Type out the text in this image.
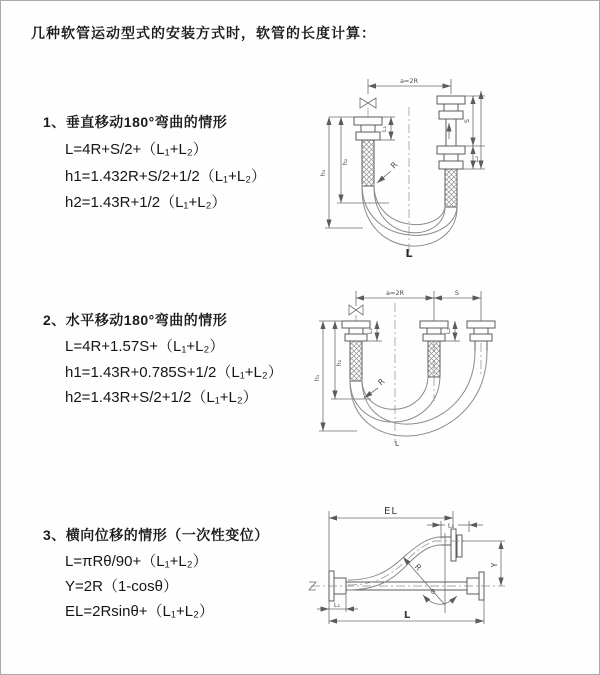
几种软管运动型式的安装方式时，软管的长度计算：
1、垂直移动180°弯曲的情形
L=4R+S/2+（L₁+L₂）
h1=1.432R+S/2+1/2（L₁+L₂）
h2=1.43R+1/2（L₁+L₂）
2、水平移动180°弯曲的情形
L=4R+1.57S+（L₁+L₂）
h1=1.43R+0.785S+1/2（L₁+L₂）
h2=1.43R+S/2+1/2（L₁+L₂）
3、横向位移的情形（一次性变位）
L=πRθ/90+（L₁+L₂）
Y=2R（1-cosθ）
EL=2Rsinθ+（L₁+L₂）
a=2R
L₁
S
L₂
h₁
h₂	R
L
a=2R	S
L₁	L₂
h₁
h₂
R
L
EL
L₂
Y
R
θ
L₁
L
